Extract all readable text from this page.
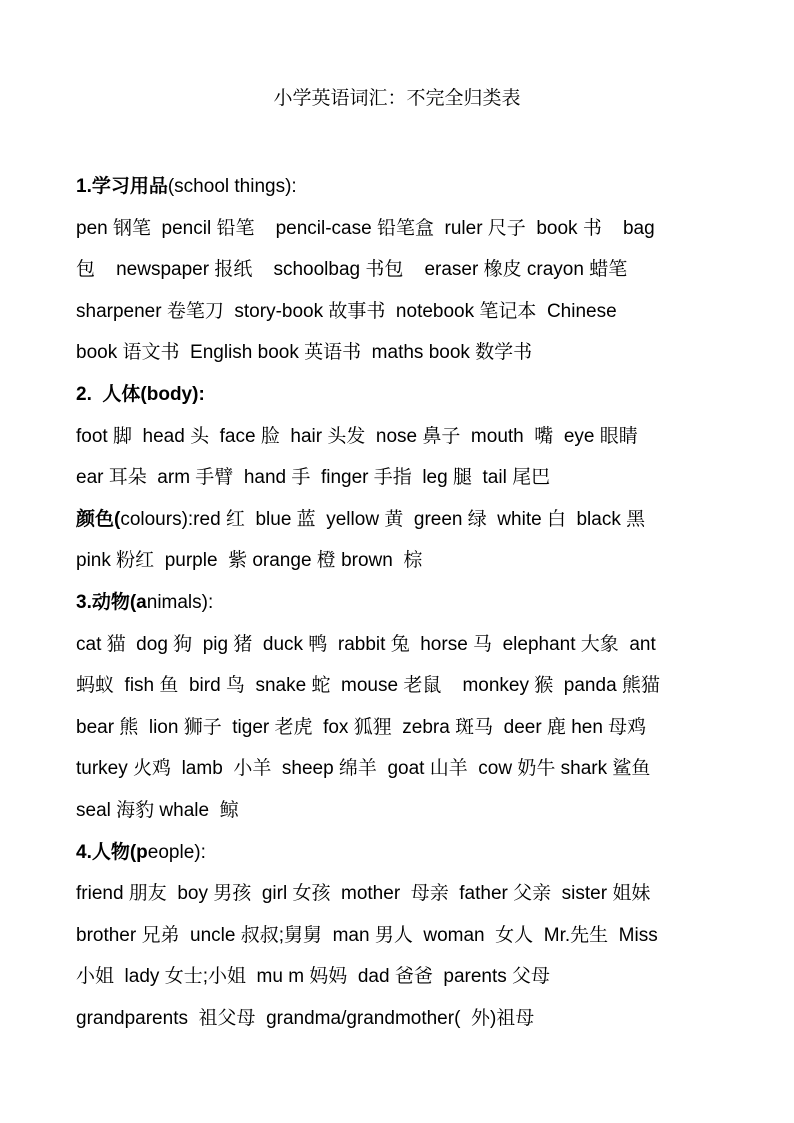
小学英语词汇：不完全归类表
1.学习用品(school things):
pen 钢笔  pencil 铅笔    pencil-case 铅笔盒  ruler 尺子  book 书    bag
包    newspaper 报纸    schoolbag 书包    eraser 橡皮 crayon 蜡笔
sharpener 卷笔刀  story-book 故事书  notebook 笔记本  Chinese
book 语文书  English book 英语书  maths book 数学书
2.  人体(body):
foot 脚  head 头  face 脸  hair 头发  nose 鼻子  mouth  嘴  eye 眼睛
ear 耳朵  arm 手臂  hand 手  finger 手指  leg 腿  tail 尾巴
颜色(colours):red 红  blue 蓝  yellow 黄  green 绿  white 白  black 黑
pink 粉红  purple  紫 orange 橙 brown  棕
3.动物(animals):
cat 猫  dog 狗  pig 猪  duck 鸭  rabbit 兔  horse 马  elephant 大象  ant
蚂蚁  fish 鱼  bird 鸟  snake 蛇  mouse 老鼠    monkey 猴  panda 熊猫
bear 熊  lion 狮子  tiger 老虎  fox 狐狸  zebra 斑马  deer 鹿 hen 母鸡
turkey 火鸡  lamb  小羊  sheep 绵羊  goat 山羊  cow 奶牛 shark 鲨鱼
seal 海豹 whale  鲸
4.人物(people):
friend 朋友  boy 男孩  girl 女孩  mother  母亲  father 父亲  sister 姐妹
brother 兄弟  uncle 叔叔;舅舅  man 男人  woman  女人  Mr.先生  Miss
小姐  lady 女士;小姐  mu m 妈妈  dad 爸爸  parents 父母
grandparents  祖父母  grandma/grandmother(  外)祖母
